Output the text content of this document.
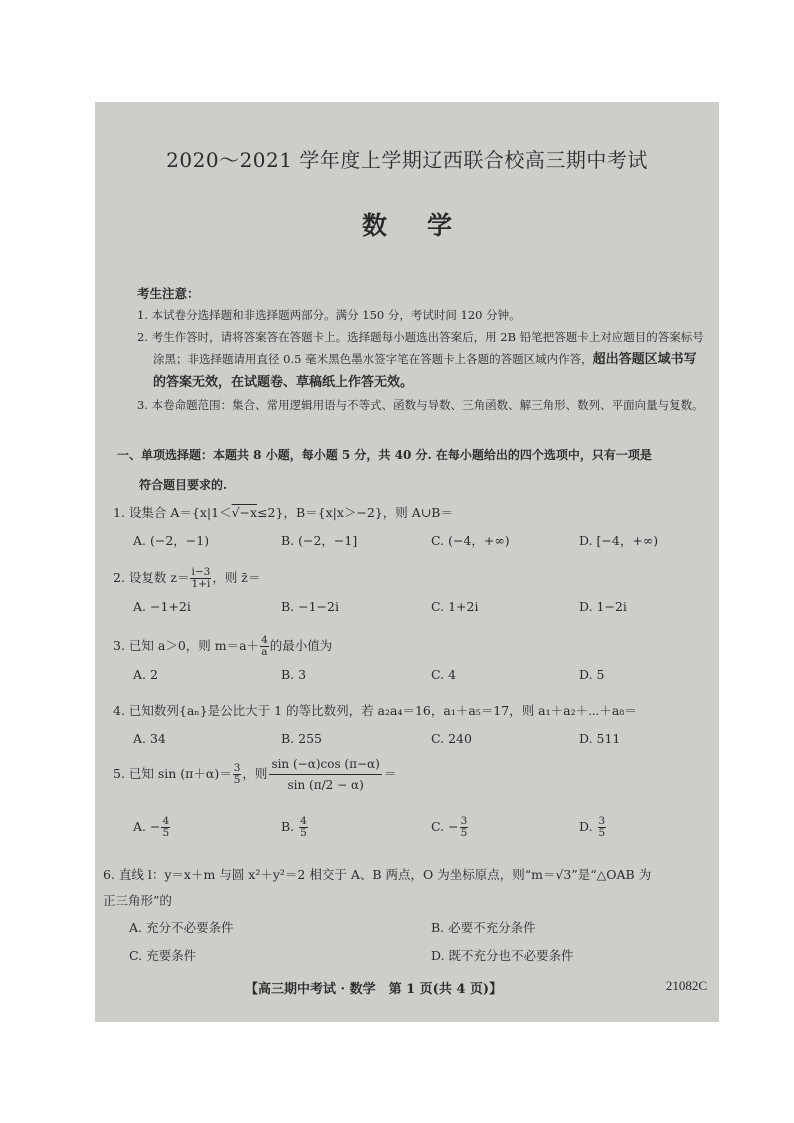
2020～2021 学年度上学期辽西联合校高三期中考试
数学
考生注意：
1. 本试卷分选择题和非选择题两部分。满分 150 分，考试时间 120 分钟。
2. 考生作答时，请将答案答在答题卡上。选择题每小题选出答案后，用 2B 铅笔把答题卡上对应题目的答案标号涂黑；非选择题请用直径 0.5 毫米黑色墨水签字笔在答题卡上各题的答题区域内作答，超出答题区域书写的答案无效，在试题卷、草稿纸上作答无效。
3. 本卷命题范围：集合、常用逻辑用语与不等式、函数与导数、三角函数、解三角形、数列、平面向量与复数。
一、单项选择题：本题共 8 小题，每小题 5 分，共 40 分. 在每小题给出的四个选项中，只有一项是
符合题目要求的.
1. 设集合 A＝{x|1＜√−x≤2}，B＝{x|x＞−2}，则 A∪B＝
A. (−2，−1)	B. (−2，−1]	C. (−4，+∞)	D. [−4，+∞)
2. 设复数 $z= \frac{i-3}{1+i}$ ，则 z̄＝
A. −1+2i	B. −1−2i	C. 1+2i	D. 1−2i
3. 已知 a＞0，则 $m=a+ \frac{4}{a}$ 的最小值为
A. 2	B. 3	C. 4	D. 5
4. 已知数列{aₙ}是公比大于 1 的等比数列，若 a₂a₄＝16，a₁＋a₅＝17，则 a₁＋a₂＋⋯＋a₈＝
A. 34	B. 255	C. 240	D. 511
5. 已知 $\sin (\pi+\alpha)= \frac{3}{5}$ ，则 $\frac{\sin (-\alpha)\cos (\pi-\alpha)}{\sin (\pi/2 - \alpha)}$ ＝
A. − $\frac{4}{5}$	B. $\frac{4}{5}$	C. − $\frac{3}{5}$	D. $\frac{3}{5}$
6. 直线 l：y＝x＋m 与圆 x²＋y²＝2 相交于 A、B 两点，O 为坐标原点，则“m＝√3”是“△OAB 为
正三角形”的
A. 充分不必要条件	B. 必要不充分条件
C. 充要条件	D. 既不充分也不必要条件
【高三期中考试 · 数学　第 1 页(共 4 页)】	21082C
